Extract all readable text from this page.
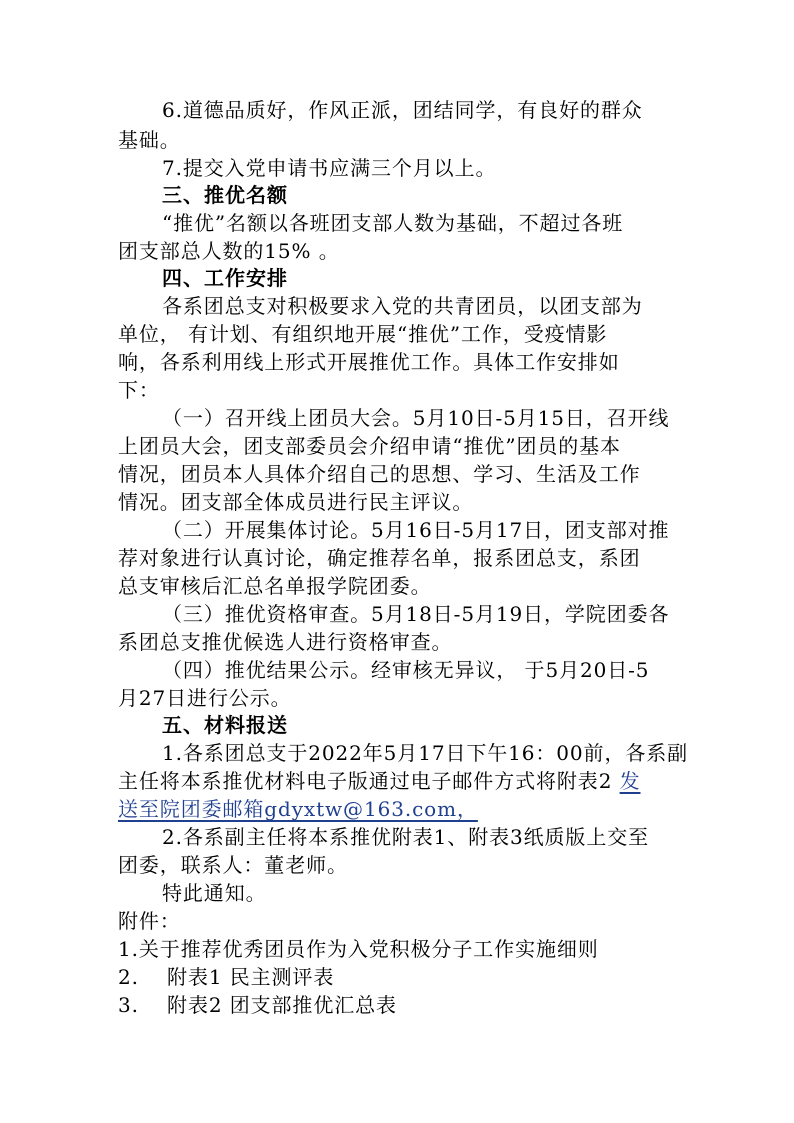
6.道德品质好，作风正派，团结同学，有良好的群众
基础。
7.提交入党申请书应满三个月以上。
三、推优名额
“推优”名额以各班团支部人数为基础，不超过各班
团支部总人数的15% 。
四、工作安排
各系团总支对积极要求入党的共青团员，以团支部为
单位， 有计划、有组织地开展“推优”工作，受疫情影
响，各系利用线上形式开展推优工作。具体工作安排如
下：
（一）召开线上团员大会。5月10日-5月15日，召开线
上团员大会，团支部委员会介绍申请“推优”团员的基本
情况，团员本人具体介绍自己的思想、学习、生活及工作
情况。团支部全体成员进行民主评议。
（二）开展集体讨论。5月16日-5月17日，团支部对推
荐对象进行认真讨论，确定推荐名单，报系团总支，系团
总支审核后汇总名单报学院团委。
（三）推优资格审查。5月18日-5月19日，学院团委各
系团总支推优候选人进行资格审查。
（四）推优结果公示。经审核无异议， 于5月20日-5
月27日进行公示。
五、材料报送
1.各系团总支于2022年5月17日下午16：00前，各系副
主任将本系推优材料电子版通过电子邮件方式将附表2 发
送至院团委邮箱gdyxtw@163.com，
2.各系副主任将本系推优附表1、附表3纸质版上交至
团委，联系人：董老师。
特此通知。
附件：
1.关于推荐优秀团员作为入党积极分子工作实施细则
2.　 附表1 民主测评表
3.　 附表2 团支部推优汇总表
